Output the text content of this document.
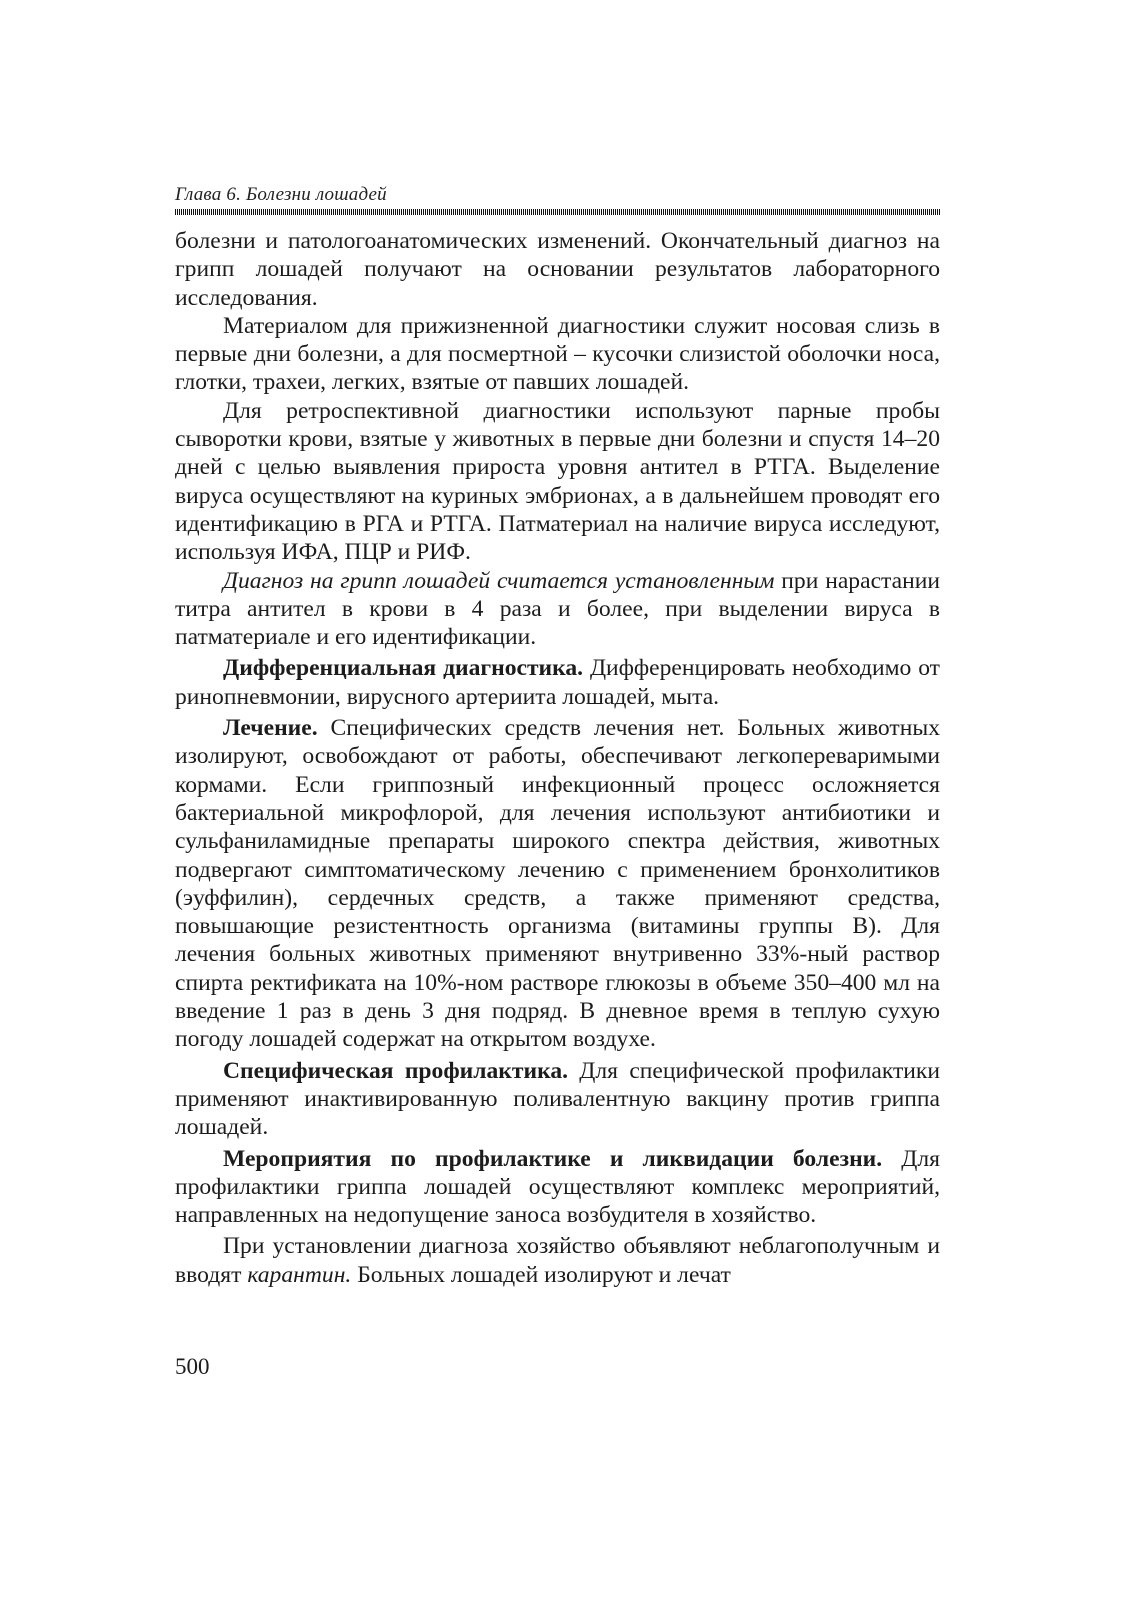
Глава 6. Болезни лошадей

болезни и патологоанатомических изменений. Окончательный диагноз на грипп лошадей получают на основании результатов лабораторного исследования.

Материалом для прижизненной диагностики служит носовая слизь в первые дни болезни, а для посмертной – кусочки слизистой оболочки носа, глотки, трахеи, легких, взятые от павших лошадей.

Для ретроспективной диагностики используют парные пробы сыворотки крови, взятые у животных в первые дни болезни и спустя 14–20 дней с целью выявления прироста уровня антител в РТГА. Выделение вируса осуществляют на куриных эмбрионах, а в дальнейшем проводят его идентификацию в РГА и РТГА. Патматериал на наличие вируса исследуют, используя ИФА, ПЦР и РИФ.

Диагноз на грипп лошадей считается установленным при нарастании титра антител в крови в 4 раза и более, при выделении вируса в патматериале и его идентификации.

Дифференциальная диагностика. Дифференцировать необходимо от ринопневмонии, вирусного артериита лошадей, мыта.

Лечение. Специфических средств лечения нет. Больных животных изолируют, освобождают от работы, обеспечивают легкопереваримыми кормами. Если гриппозный инфекционный процесс осложняется бактериальной микрофлорой, для лечения используют антибиотики и сульфаниламидные препараты широкого спектра действия, животных подвергают симптоматическому лечению с применением бронхолитиков (эуффилин), сердечных средств, а также применяют средства, повышающие резистентность организма (витамины группы В). Для лечения больных животных применяют внутривенно 33%-ный раствор спирта ректификата на 10%-ном растворе глюкозы в объеме 350–400 мл на введение 1 раз в день 3 дня подряд. В дневное время в теплую сухую погоду лошадей содержат на открытом воздухе.

Специфическая профилактика. Для специфической профилактики применяют инактивированную поливалентную вакцину против гриппа лошадей.

Мероприятия по профилактике и ликвидации болезни. Для профилактики гриппа лошадей осуществляют комплекс мероприятий, направленных на недопущение заноса возбудителя в хозяйство.

При установлении диагноза хозяйство объявляют неблагополучным и вводят карантин. Больных лошадей изолируют и лечат

500
